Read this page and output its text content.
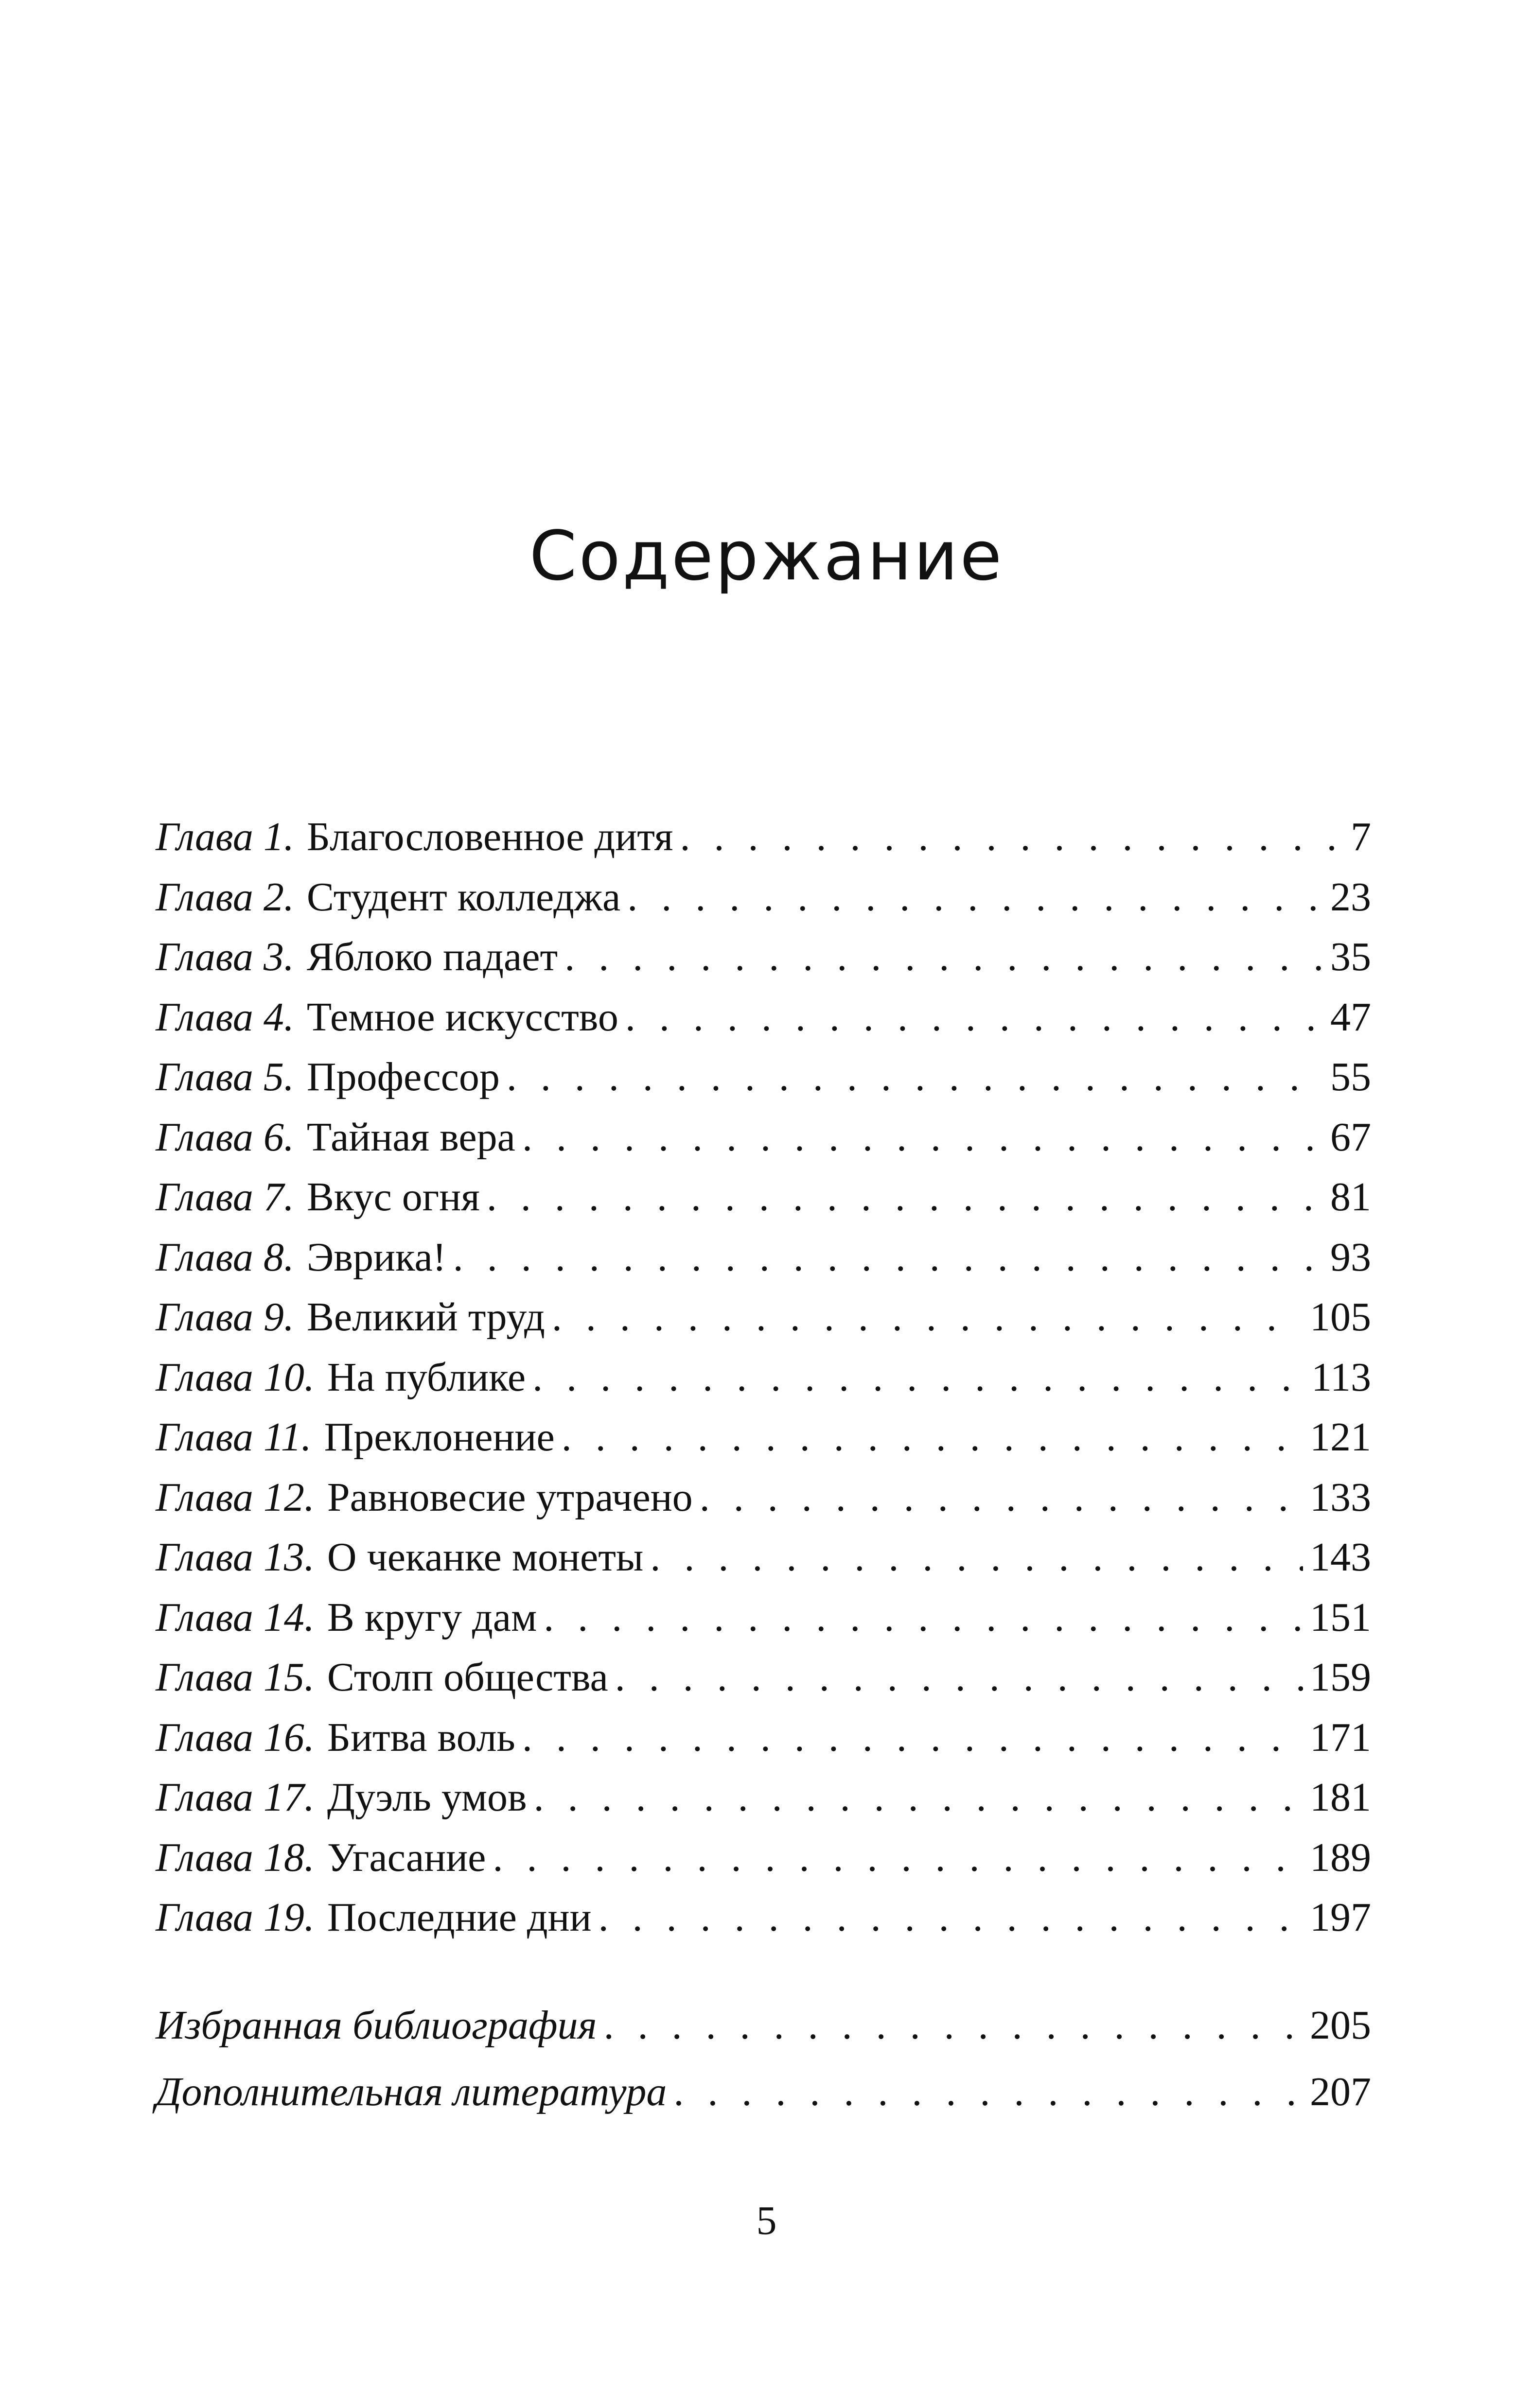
Содержание
Глава 1. Благословенное дитя . . .	7
Глава 2. Студент колледжа . . .	23
Глава 3. Яблоко падает . . .	35
Глава 4. Темное искусство . . .	47
Глава 5. Профессор . . .	55
Глава 6. Тайная вера . . .	67
Глава 7. Вкус огня . . .	81
Глава 8. Эврика! . . .	93
Глава 9. Великий труд . . .	105
Глава 10. На публике . . .	113
Глава 11. Преклонение . . .	121
Глава 12. Равновесие утрачено . . .	133
Глава 13. О чеканке монеты . . .	143
Глава 14. В кругу дам . . .	151
Глава 15. Столп общества . . .	159
Глава 16. Битва воль . . .	171
Глава 17. Дуэль умов . . .	181
Глава 18. Угасание . . .	189
Глава 19. Последние дни . . .	197
Избранная библиография . . .	205
Дополнительная литература . . .	207
5
